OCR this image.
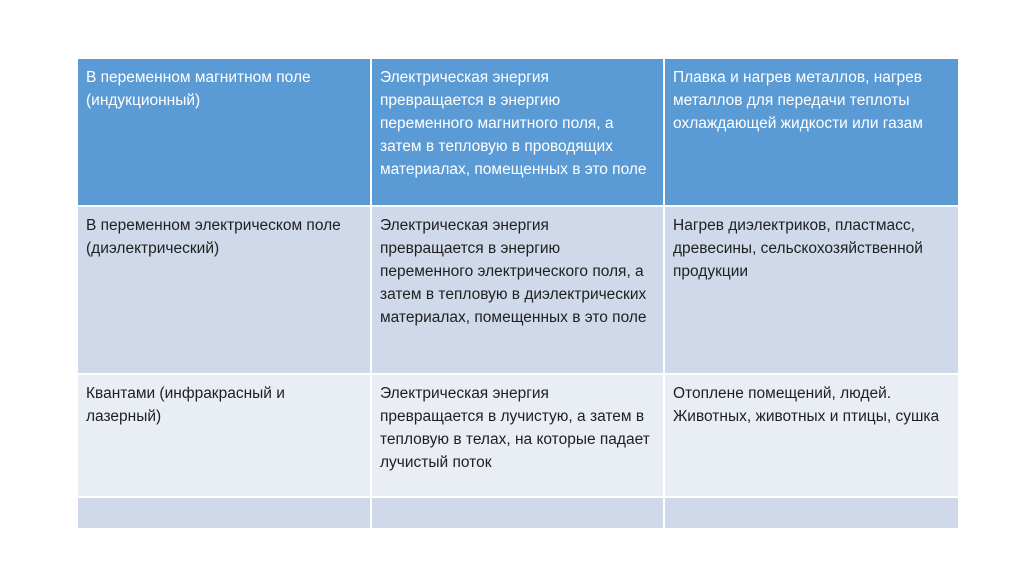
В переменном магнитном поле (индукционный)	Электрическая энергия превращается в энергию переменного магнитного поля, а затем в тепловую в проводящих материалах, помещенных в это поле	Плавка и нагрев металлов, нагрев металлов для передачи теплоты охлаждающей жидкости или газам
В переменном электрическом поле (диэлектрический)	Электрическая энергия превращается в энергию переменного электрического поля, а затем в тепловую в диэлектрических материалах, помещенных в это поле	Нагрев диэлектриков, пластмасс, древесины, сельскохозяйственной продукции
Квантами (инфракрасный и лазерный)	Электрическая энергия превращается в лучистую, а затем в тепловую в телах, на которые падает лучистый поток	Отоплене помещений, людей. Животных, животных и птицы, сушка
